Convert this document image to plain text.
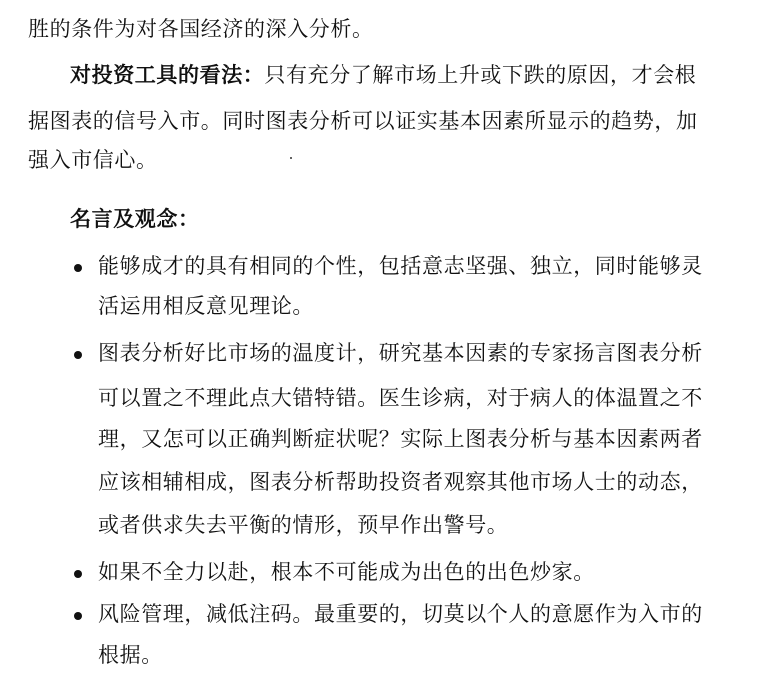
胜的条件为对各国经济的深入分析。
对投资工具的看法：只有充分了解市场上升或下跌的原因，才会根
据图表的信号入市。同时图表分析可以证实基本因素所显示的趋势，加
强入市信心。
名言及观念：
能够成才的具有相同的个性，包括意志坚强、独立，同时能够灵
活运用相反意见理论。
图表分析好比市场的温度计，研究基本因素的专家扬言图表分析
可以置之不理此点大错特错。医生诊病，对于病人的体温置之不
理，又怎可以正确判断症状呢？实际上图表分析与基本因素两者
应该相辅相成，图表分析帮助投资者观察其他市场人士的动态，
或者供求失去平衡的情形，预早作出警号。
如果不全力以赴，根本不可能成为出色的出色炒家。
风险管理，减低注码。最重要的，切莫以个人的意愿作为入市的
根据。
